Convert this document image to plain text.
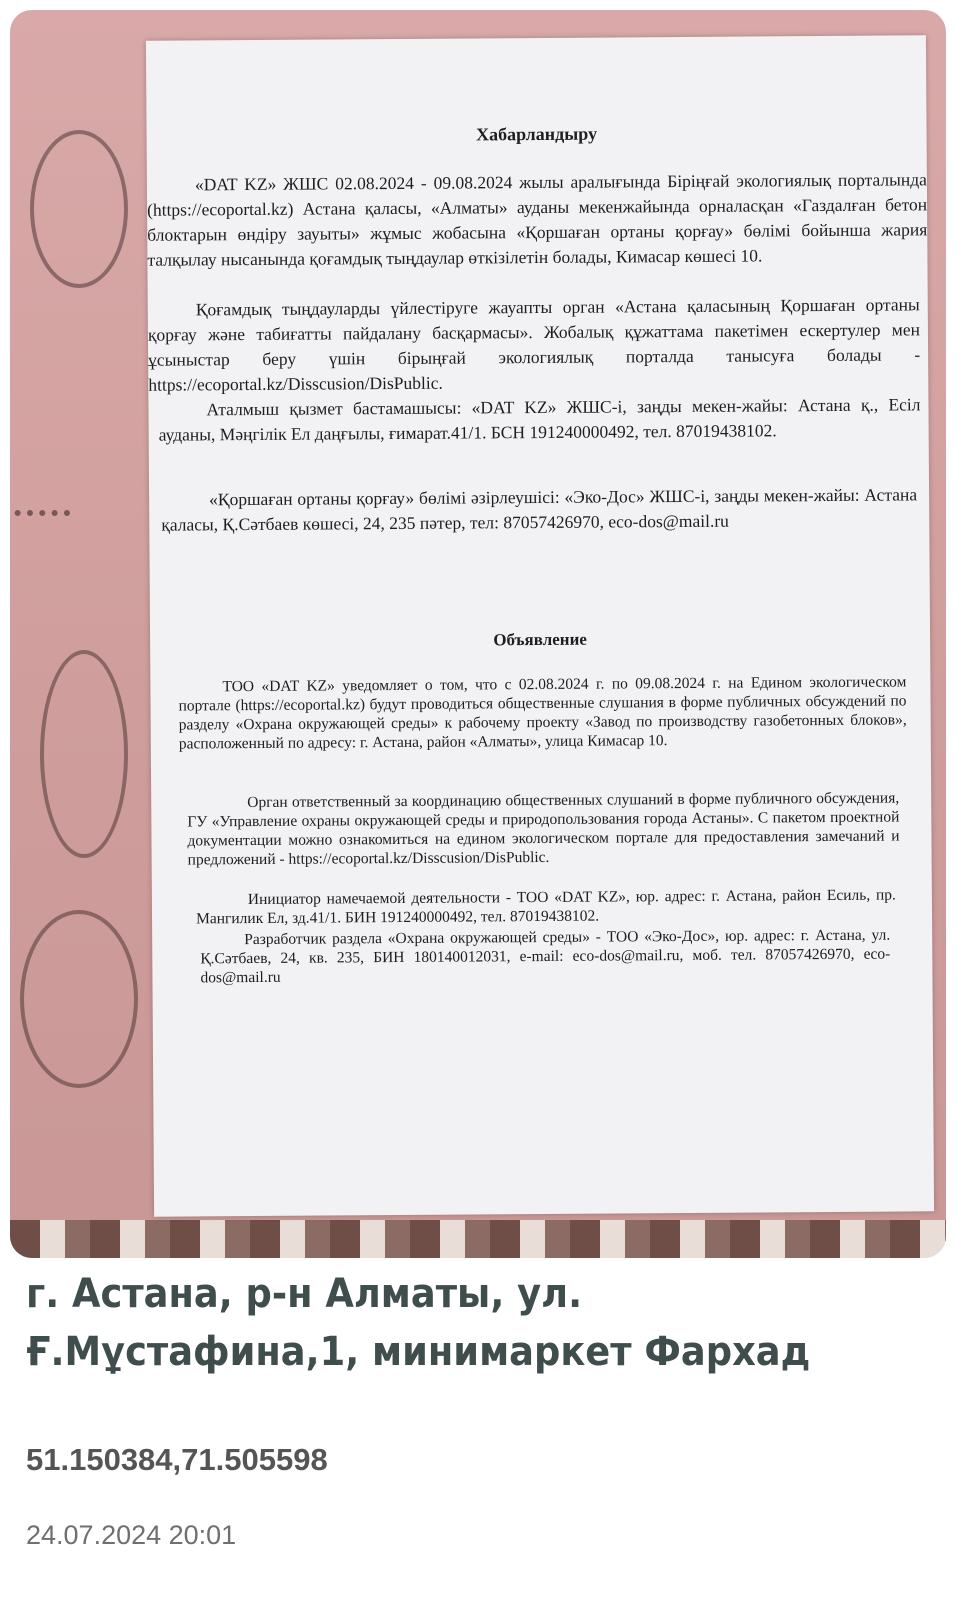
Хабарландыру
«DAT KZ» ЖШС 02.08.2024 - 09.08.2024 жылы аралығында Біріңғай экологиялық порталында (https://ecoportal.kz) Астана қаласы, «Алматы» ауданы мекенжайында орналасқан «Газдалған бетон блоктарын өндіру зауыты» жұмыс жобасына «Қоршаған ортаны қорғау» бөлімі бойынша жария талқылау нысанында қоғамдық тыңдаулар өткізілетін болады, Кимасар көшесі 10.
Қоғамдық тыңдауларды үйлестіруге жауапты орган «Астана қаласының Қоршаған ортаны қорғау және табиғатты пайдалану басқармасы». Жобалық құжаттама пакетімен ескертулер мен ұсыныстар беру үшін бірыңғай экологиялық порталда танысуға болады -https://ecoportal.kz/Disscusion/DisPublic.
Аталмыш қызмет бастамашысы: «DAT KZ» ЖШС-і, заңды мекен-жайы: Астана қ., Есіл ауданы, Мәңгілік Ел даңғылы, ғимарат.41/1. БСН 191240000492, тел. 87019438102.
«Қоршаған ортаны қорғау» бөлімі әзірлеушісі: «Эко-Дос» ЖШС-і, заңды мекен-жайы: Астана қаласы, Қ.Сәтбаев көшесі, 24, 235 пәтер, тел: 87057426970, eco-dos@mail.ru
Объявление
ТОО «DAT KZ» уведомляет о том, что с 02.08.2024 г. по 09.08.2024 г. на Едином экологическом портале (https://ecoportal.kz) будут проводиться общественные слушания в форме публичных обсуждений по разделу «Охрана окружающей среды» к рабочему проекту «Завод по производству газобетонных блоков», расположенный по адресу: г. Астана, район «Алматы», улица Кимасар 10.
Орган ответственный за координацию общественных слушаний в форме публичного обсуждения, ГУ «Управление охраны окружающей среды и природопользования города Астаны». С пакетом проектной документации можно ознакомиться на едином экологическом портале для предоставления замечаний и предложений - https://ecoportal.kz/Disscusion/DisPublic.
Инициатор намечаемой деятельности - ТОО «DAT KZ», юр. адрес: г. Астана, район Есиль, пр. Мангилик Ел, зд.41/1. БИН 191240000492, тел. 87019438102.
Разработчик раздела «Охрана окружающей среды» - ТОО «Эко-Дос», юр. адрес: г. Астана, ул. Қ.Сәтбаев, 24, кв. 235, БИН 180140012031, e-mail: eco-dos@mail.ru, моб. тел. 87057426970, eco-dos@mail.ru
г. Астана, р-н Алматы, ул. Ғ.Мұстафина,1, минимаркет Фархад
51.150384,71.505598
24.07.2024 20:01
